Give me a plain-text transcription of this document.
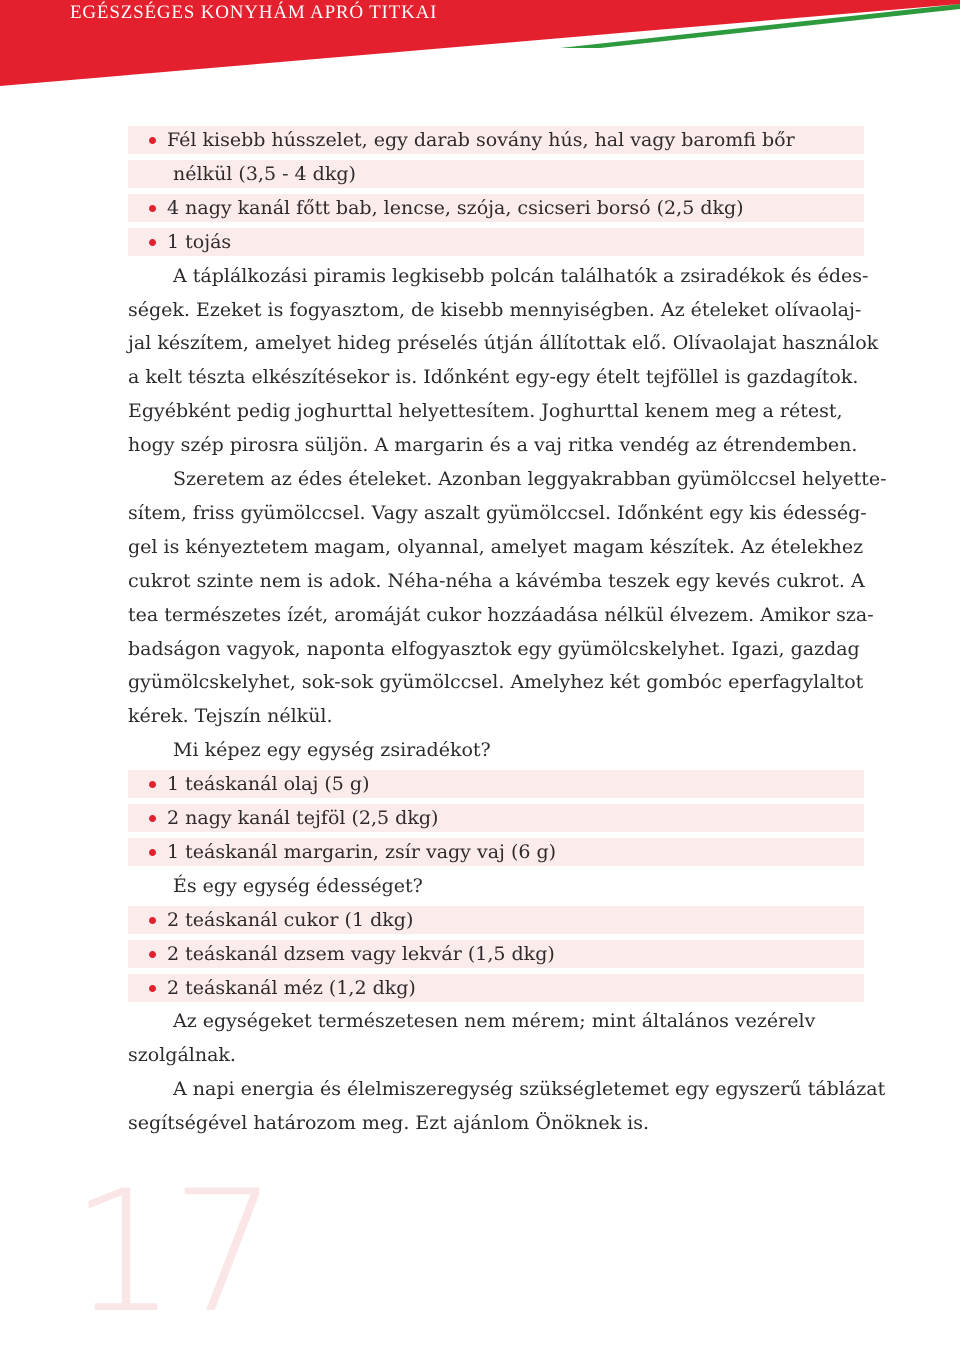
EGÉSZSÉGES KONYHÁM APRÓ TITKAI
17
Fél kisebb hússzelet, egy darab sovány hús, hal vagy baromfi bőr
nélkül (3,5 - 4 dkg)
4 nagy kanál főtt bab, lencse, szója, csicseri borsó (2,5 dkg)
1 tojás
A táplálkozási piramis legkisebb polcán találhatók a zsiradékok és édes-
ségek. Ezeket is fogyasztom, de kisebb mennyiségben. Az ételeket olívaolaj-
jal készítem, amelyet hideg préselés útján állítottak elő. Olívaolajat használok
a kelt tészta elkészítésekor is. Időnként egy-egy ételt tejföllel is gazdagítok.
Egyébként pedig joghurttal helyettesítem. Joghurttal kenem meg a rétest,
hogy szép pirosra süljön. A margarin és a vaj ritka vendég az étrendemben.
Szeretem az édes ételeket. Azonban leggyakrabban gyümölccsel helyette-
sítem, friss gyümölccsel. Vagy aszalt gyümölccsel. Időnként egy kis édesség-
gel is kényeztetem magam, olyannal, amelyet magam készítek. Az ételekhez
cukrot szinte nem is adok. Néha-néha a kávémba teszek egy kevés cukrot. A
tea természetes ízét, aromáját cukor hozzáadása nélkül élvezem. Amikor sza-
badságon vagyok, naponta elfogyasztok egy gyümölcskelyhet. Igazi, gazdag
gyümölcskelyhet, sok-sok gyümölccsel. Amelyhez két gombóc eperfagylaltot
kérek. Tejszín nélkül.
Mi képez egy egység zsiradékot?
1 teáskanál olaj (5 g)
2 nagy kanál tejföl (2,5 dkg)
1 teáskanál margarin, zsír vagy vaj (6 g)
És egy egység édességet?
2 teáskanál cukor (1 dkg)
2 teáskanál dzsem vagy lekvár (1,5 dkg)
2 teáskanál méz (1,2 dkg)
Az egységeket természetesen nem mérem; mint általános vezérelv
szolgálnak.
A napi energia és élelmiszeregység szükségletemet egy egyszerű táblázat
segítségével határozom meg. Ezt ajánlom Önöknek is.
